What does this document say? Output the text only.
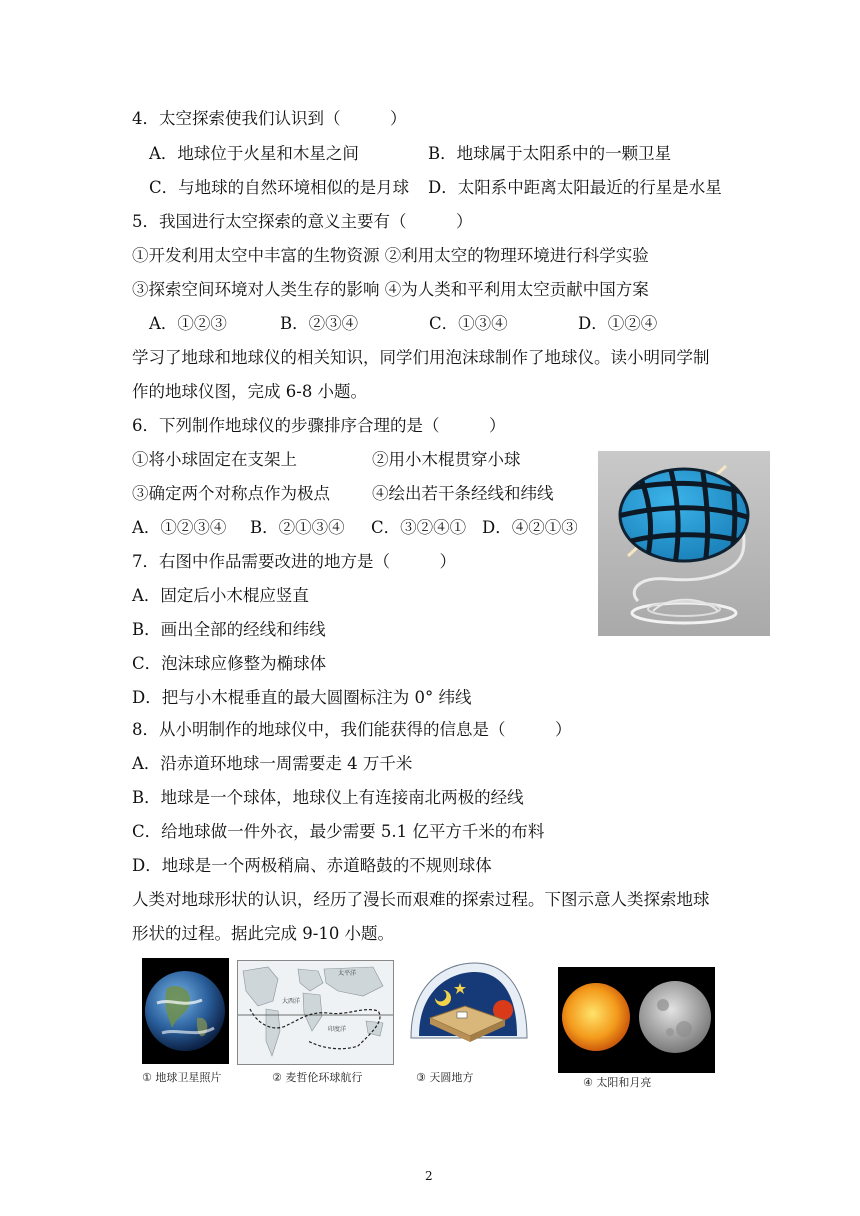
4．太空探索使我们认识到（　　　）
A．地球位于火星和木星之间	B．地球属于太阳系中的一颗卫星
C．与地球的自然环境相似的是月球 D．太阳系中距离太阳最近的行星是水星
5．我国进行太空探索的意义主要有（　　　）
①开发利用太空中丰富的生物资源 ②利用太空的物理环境进行科学实验
③探索空间环境对人类生存的影响 ④为人类和平利用太空贡献中国方案
A．①②③	B．②③④	C．①③④	D．①②④
学习了地球和地球仪的相关知识，同学们用泡沫球制作了地球仪。读小明同学制
作的地球仪图，完成 6-8 小题。
6．下列制作地球仪的步骤排序合理的是（　　　）
①将小球固定在支架上	②用小木棍贯穿小球
③确定两个对称点作为极点	④绘出若干条经线和纬线
A．①②③④ B．②①③④ C．③②④① D．④②①③
7．右图中作品需要改进的地方是（　　　）
A．固定后小木棍应竖直
B．画出全部的经线和纬线
C．泡沫球应修整为椭球体
D．把与小木棍垂直的最大圆圈标注为 0° 纬线
8．从小明制作的地球仪中，我们能获得的信息是（　　　）
A．沿赤道环地球一周需要走 4 万千米
B．地球是一个球体，地球仪上有连接南北两极的经线
C．给地球做一件外衣，最少需要 5.1 亿平方千米的布料
D．地球是一个两极稍扁、赤道略鼓的不规则球体
人类对地球形状的认识，经历了漫长而艰难的探索过程。下图示意人类探索地球
形状的过程。据此完成 9-10 小题。
① 地球卫星照片
太平洋
大西洋
印度洋
② 麦哲伦环球航行	③ 天圆地方	④ 太阳和月亮
2
